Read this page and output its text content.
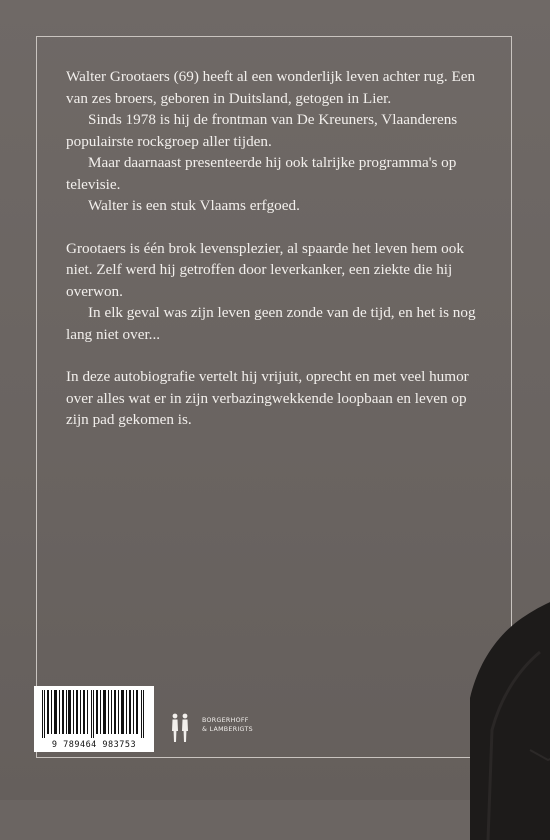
Walter Grootaers (69) heeft al een wonderlijk leven achter rug. Een van zes broers, geboren in Duitsland, getogen in Lier.

Sinds 1978 is hij de frontman van De Kreuners, Vlaanderens populairste rockgroep aller tijden.

Maar daarnaast presenteerde hij ook talrijke programma's op televisie.

Walter is een stuk Vlaams erfgoed.

Grootaers is één brok levensplezier, al spaarde het leven hem ook niet. Zelf werd hij getroffen door leverkanker, een ziekte die hij overwon.

In elk geval was zijn leven geen zonde van de tijd, en het is nog lang niet over...

In deze autobiografie vertelt hij vrijuit, oprecht en met veel humor over alles wat er in zijn verbazingwekkende loopbaan en leven op zijn pad gekomen is.

9 789464 983753
BORGERHOFF
& LAMBERIGTS
